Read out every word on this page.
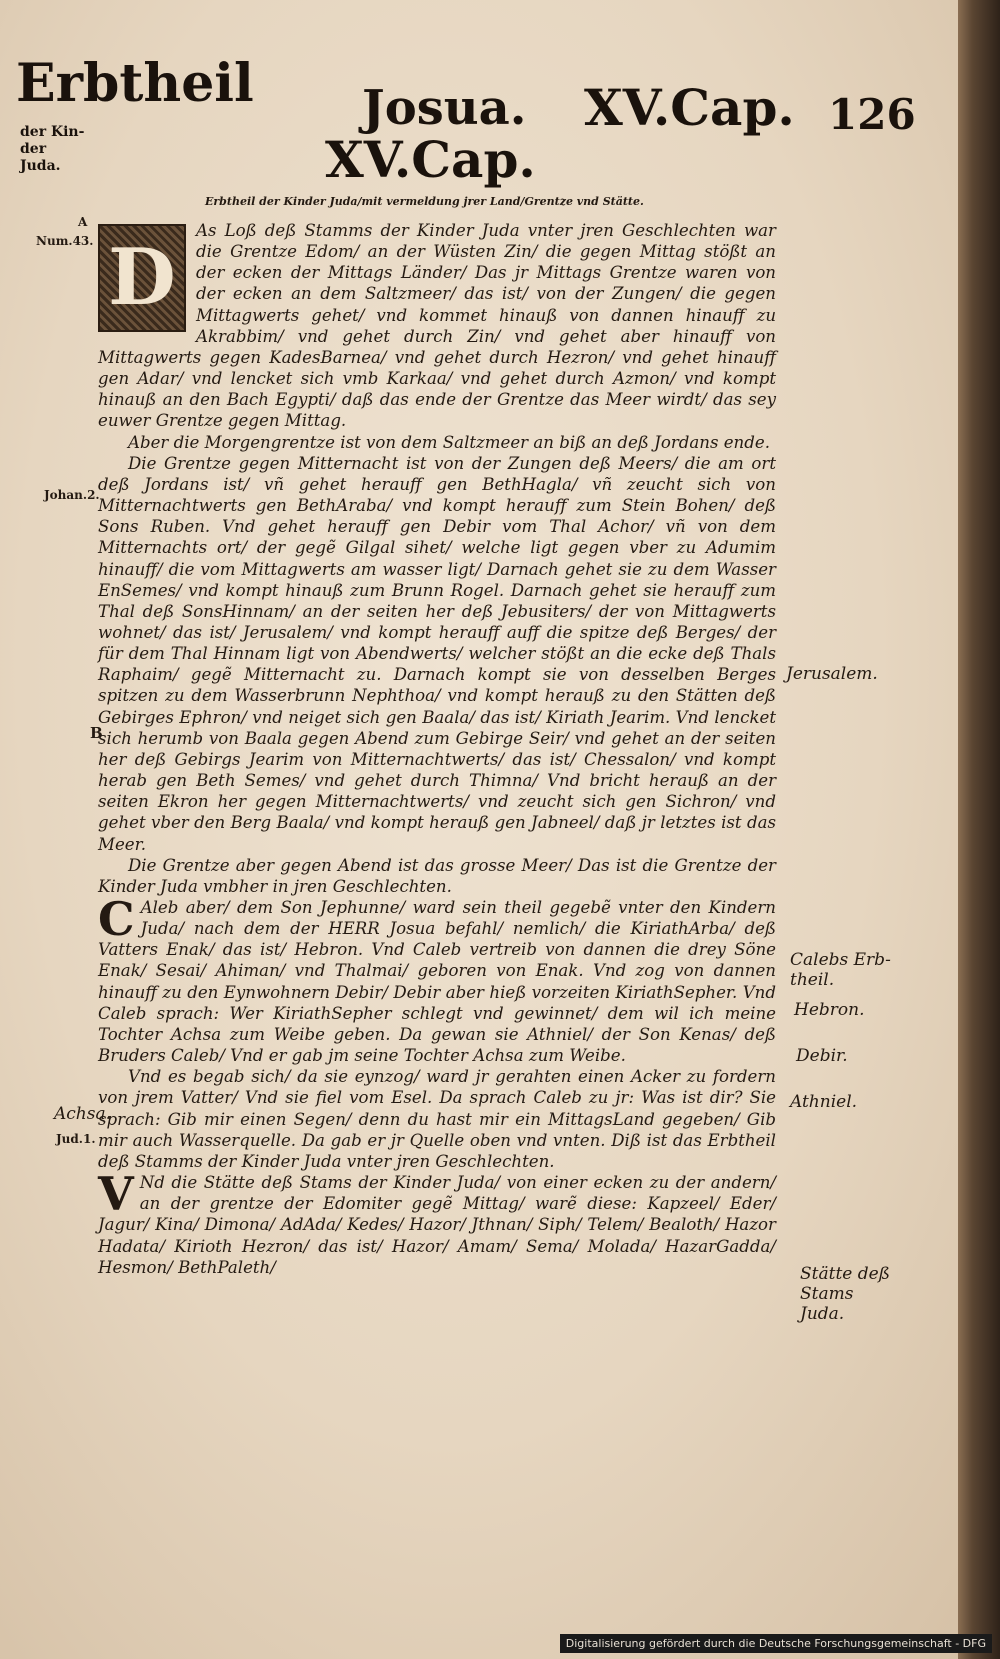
Erbtheil
der Kin-der Juda.
Josua. XV.Cap. 126
XV.Cap.
Erbtheil der Kinder Juda/mit vermeldung jrer Land/Grentze vnd Stätte.
A
Num.43.
Johan.2.
B
Achsa.
Jud.1.
Jerusalem.
Calebs Erb-theil.
Hebron.
Debir.
Athniel.
Stätte deß Stams Juda.

D
As Loß deß Stamms der Kinder Juda vnter jren Geschlechten war die Grentze Edom/ an der Wüsten Zin/ die gegen Mittag stößt an der ecken der Mittags Länder/ Das jr Mittags Grentze waren von der ecken an dem Saltzmeer/ das ist/ von der Zungen/ die gegen Mittagwerts gehet/ vnd kommet hinauß von dannen hinauff zu Akrabbim/ vnd gehet durch Zin/ vnd gehet aber hinauff von Mittagwerts gegen KadesBarnea/ vnd gehet durch Hezron/ vnd gehet hinauff gen Adar/ vnd lencket sich vmb Karkaa/ vnd gehet durch Azmon/ vnd kompt hinauß an den Bach Egypti/ daß das ende der Grentze das Meer wirdt/ das sey euwer Grentze gegen Mittag.

Aber die Morgengrentze ist von dem Saltzmeer an biß an deß Jordans ende.

Die Grentze gegen Mitternacht ist von der Zungen deß Meers/ die am ort deß Jordans ist/ vñ gehet herauff gen BethHagla/ vñ zeucht sich von Mitternachtwerts gen BethAraba/ vnd kompt herauff zum Stein Bohen/ deß Sons Ruben. Vnd gehet herauff gen Debir vom Thal Achor/ vñ von dem Mitternachts ort/ der gegẽ Gilgal sihet/ welche ligt gegen vber zu Adumim hinauff/ die vom Mittagwerts am wasser ligt/ Darnach gehet sie zu dem Wasser EnSemes/ vnd kompt hinauß zum Brunn Rogel. Darnach gehet sie herauff zum Thal deß SonsHinnam/ an der seiten her deß Jebusiters/ der von Mittagwerts wohnet/ das ist/ Jerusalem/ vnd kompt herauff auff die spitze deß Berges/ der für dem Thal Hinnam ligt von Abendwerts/ welcher stößt an die ecke deß Thals Raphaim/ gegẽ Mitternacht zu. Darnach kompt sie von desselben Berges spitzen zu dem Wasserbrunn Nephthoa/ vnd kompt herauß zu den Stätten deß Gebirges Ephron/ vnd neiget sich gen Baala/ das ist/ Kiriath Jearim. Vnd lencket sich herumb von Baala gegen Abend zum Gebirge Seir/ vnd gehet an der seiten her deß Gebirgs Jearim von Mitternachtwerts/ das ist/ Chessalon/ vnd kompt herab gen Beth Semes/ vnd gehet durch Thimna/ Vnd bricht herauß an der seiten Ekron her gegen Mitternachtwerts/ vnd zeucht sich gen Sichron/ vnd gehet vber den Berg Baala/ vnd kompt herauß gen Jabneel/ daß jr letztes ist das Meer.

Die Grentze aber gegen Abend ist das grosse Meer/ Das ist die Grentze der Kinder Juda vmbher in jren Geschlechten.

C Aleb aber/ dem Son Jephunne/ ward sein theil gegebẽ vnter den Kindern Juda/ nach dem der HERR Josua befahl/ nemlich/ die KiriathArba/ deß Vatters Enak/ das ist/ Hebron. Vnd Caleb vertreib von dannen die drey Söne Enak/ Sesai/ Ahiman/ vnd Thalmai/ geboren von Enak. Vnd zog von dannen hinauff zu den Eynwohnern Debir/ Debir aber hieß vorzeiten KiriathSepher. Vnd Caleb sprach: Wer KiriathSepher schlegt vnd gewinnet/ dem wil ich meine Tochter Achsa zum Weibe geben. Da gewan sie Athniel/ der Son Kenas/ deß Bruders Caleb/ Vnd er gab jm seine Tochter Achsa zum Weibe.

Vnd es begab sich/ da sie eynzog/ ward jr gerahten einen Acker zu fordern von jrem Vatter/ Vnd sie fiel vom Esel. Da sprach Caleb zu jr: Was ist dir? Sie sprach: Gib mir einen Segen/ denn du hast mir ein MittagsLand gegeben/ Gib mir auch Wasserquelle. Da gab er jr Quelle oben vnd vnten. Diß ist das Erbtheil deß Stamms der Kinder Juda vnter jren Geschlechten.

V Nd die Stätte deß Stams der Kinder Juda/ von einer ecken zu der andern/ an der grentze der Edomiter gegẽ Mittag/ warẽ diese: Kapzeel/ Eder/ Jagur/ Kina/ Dimona/ AdAda/ Kedes/ Hazor/ Jthnan/ Siph/ Telem/ Bealoth/ Hazor Hadata/ Kirioth Hezron/ das ist/ Hazor/ Amam/ Sema/ Molada/ HazarGadda/ Hesmon/ BethPaleth/

Digitalisierung gefördert durch die Deutsche Forschungsgemeinschaft - DFG
